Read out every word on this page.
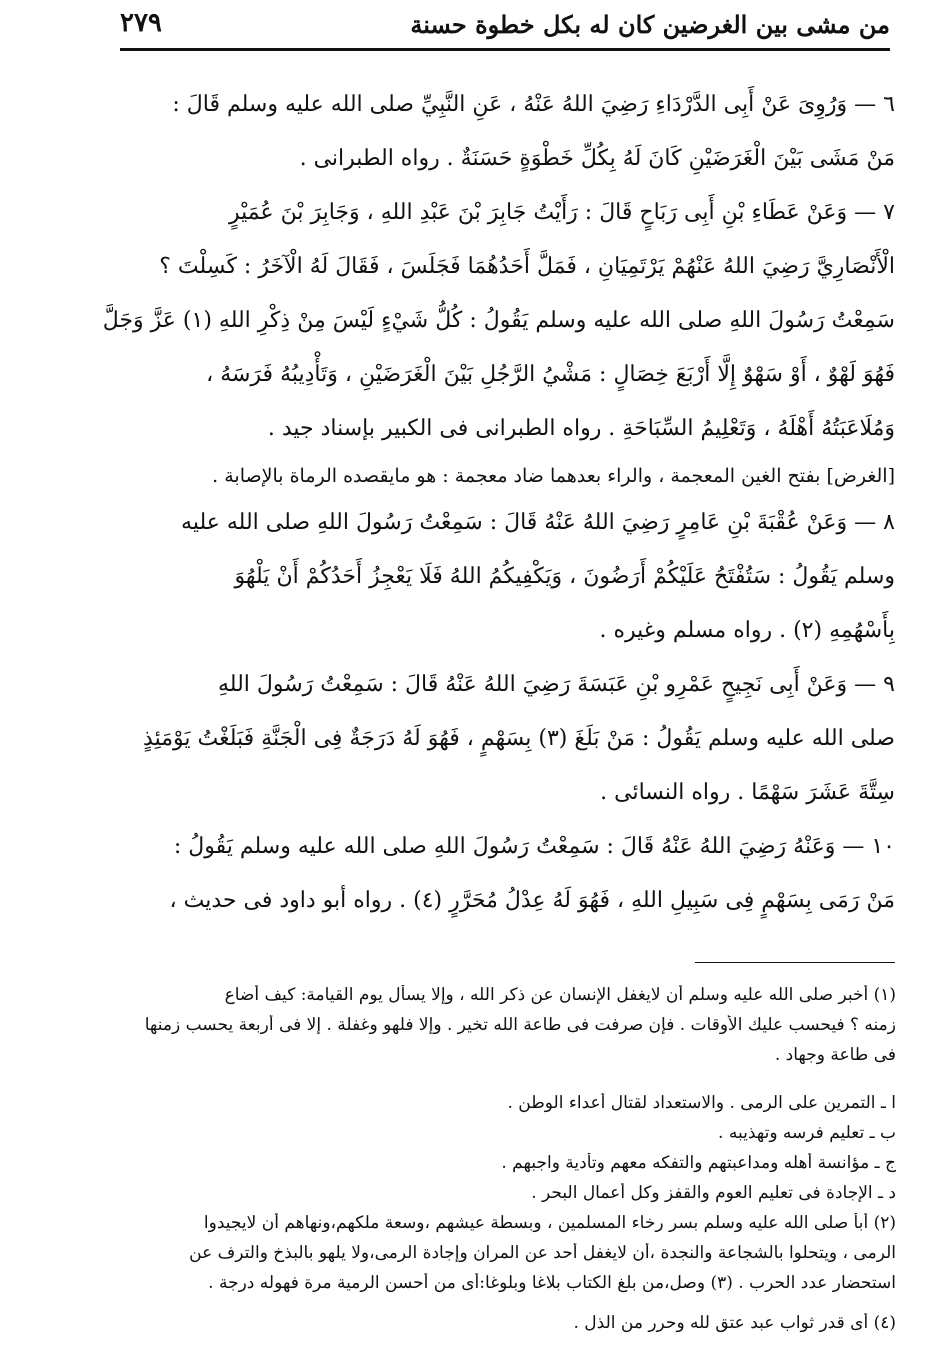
من مشى بين الغرضين كان له بكل خطوة حسنة
٢٧٩
٦ — وَرُوِىَ عَنْ أَبِى الدَّرْدَاءِ رَضِيَ اللهُ عَنْهُ ، عَنِ النَّبِيِّ صلى الله عليه وسلم قَالَ :
مَنْ مَشَى بَيْنَ الْغَرَضَيْنِ كَانَ لَهُ بِكُلِّ خَطْوَةٍ حَسَنَةٌ . رواه الطبرانى .
٧ — وَعَنْ عَطَاءِ بْنِ أَبِى رَبَاحٍ قَالَ : رَأَيْتُ جَابِرَ بْنَ عَبْدِ اللهِ ، وَجَابِرَ بْنَ عُمَيْرٍ
الْأَنْصَارِيَّ رَضِيَ اللهُ عَنْهُمْ يَرْتَمِيَانِ ، فَمَلَّ أَحَدُهُمَا فَجَلَسَ ، فَقَالَ لَهُ الْآخَرُ : كَسِلْتَ ؟
سَمِعْتُ رَسُولَ اللهِ صلى الله عليه وسلم يَقُولُ : كُلُّ شَيْءٍ لَيْسَ مِنْ ذِكْرِ اللهِ (١) عَزَّ وَجَلَّ
فَهُوَ لَهْوٌ ، أَوْ سَهْوٌ إِلَّا أَرْبَعَ خِصَالٍ : مَشْيُ الرَّجُلِ بَيْنَ الْغَرَضَيْنِ ، وَتَأْدِيبُهُ فَرَسَهُ ،
وَمُلَاعَبَتُهُ أَهْلَهُ ، وَتَعْلِيمُ السِّبَاحَةِ . رواه الطبرانى فى الكبير بإسناد جيد .
[الغرض] بفتح الغين المعجمة ، والراء بعدهما ضاد معجمة : هو مايقصده الرماة بالإصابة .
٨ — وَعَنْ عُقْبَةَ بْنِ عَامِرٍ رَضِيَ اللهُ عَنْهُ قَالَ : سَمِعْتُ رَسُولَ اللهِ صلى الله عليه
وسلم يَقُولُ : سَتُفْتَحُ عَلَيْكُمْ أَرَضُونَ ، وَيَكْفِيكُمُ اللهُ فَلَا يَعْجِزُ أَحَدُكُمْ أَنْ يَلْهُوَ
بِأَسْهُمِهِ (٢) . رواه مسلم وغيره .
٩ — وَعَنْ أَبِى نَجِيحٍ عَمْرِو بْنِ عَبَسَةَ رَضِيَ اللهُ عَنْهُ قَالَ : سَمِعْتُ رَسُولَ اللهِ
صلى الله عليه وسلم يَقُولُ : مَنْ بَلَغَ (٣) بِسَهْمٍ ، فَهُوَ لَهُ دَرَجَةٌ فِى الْجَنَّةِ فَبَلَغْتُ يَوْمَئِذٍ
سِتَّةَ عَشَرَ سَهْمًا . رواه النسائى .
١٠ — وَعَنْهُ رَضِيَ اللهُ عَنْهُ قَالَ : سَمِعْتُ رَسُولَ اللهِ صلى الله عليه وسلم يَقُولُ :
مَنْ رَمَى بِسَهْمٍ فِى سَبِيلِ اللهِ ، فَهُوَ لَهُ عِدْلُ مُحَرَّرٍ (٤) . رواه أبو داود فى حديث ،
(١) أخبر صلى الله عليه وسلم أن لايغفل الإنسان عن ذكر الله ، وإلا يسأل يوم القيامة: كيف أضاع
زمنه ؟ فيحسب عليك الأوقات . فإن صرفت فى طاعة الله تخير . وإلا فلهو وغفلة . إلا فى أربعة يحسب زمنها
فى طاعة وجهاد .
ا ـ التمرين على الرمى . والاستعداد لقتال أعداء الوطن .
ب ـ تعليم فرسه وتهذيبه .
ج ـ مؤانسة أهله ومداعبتهم والتفكه معهم وتأدية واجبهم .
د ـ الإجادة فى تعليم العوم والقفز وكل أعمال البحر .
(٢) أبأ صلى الله عليه وسلم بسر رخاء المسلمين ، وبسطة عيشهم ،وسعة ملكهم،ونهاهم أن لايجيدوا
الرمى ، ويتحلوا بالشجاعة والنجدة ،أن لايغفل أحد عن المران وإجادة الرمى،ولا يلهو بالبذخ والترف عن
استحضار عدد الحرب . (٣) وصل،من بلغ الكتاب بلاغا وبلوغا:أى من أحسن الرمية مرة فهوله درجة .
(٤) أى قدر ثواب عبد عتق لله وحرر من الذل .
